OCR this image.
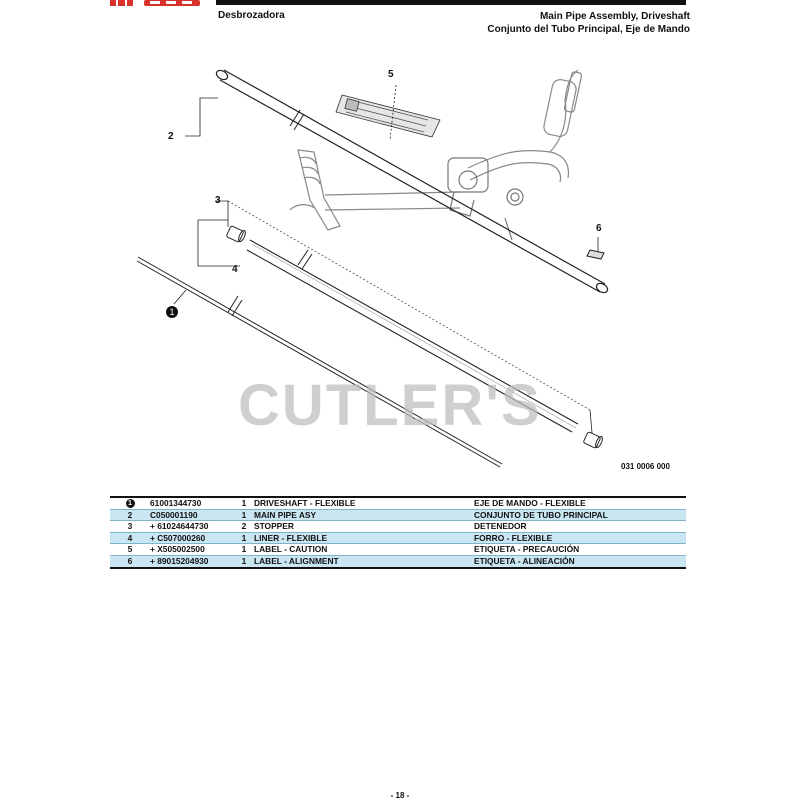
Desbrozadora	Main Pipe Assembly, Driveshaft
Conjunto del Tubo Principal, Eje de Mando
5
2
3
4
6
1
CUTLER'S
031 0006 000
1	61001344730	1	DRIVESHAFT - FLEXIBLE	EJE DE MANDO - FLEXIBLE
2	C050001190	1	MAIN PIPE ASY	CONJUNTO DE TUBO PRINCIPAL
3	+ 61024644730	2	STOPPER	DETENEDOR
4	+ C507000260	1	LINER - FLEXIBLE	FORRO - FLEXIBLE
5	+ X505002500	1	LABEL - CAUTION	ETIQUETA - PRECAUCIÓN
6	+ 89015204930	1	LABEL - ALIGNMENT	ETIQUETA - ALINEACIÓN
- 18 -
